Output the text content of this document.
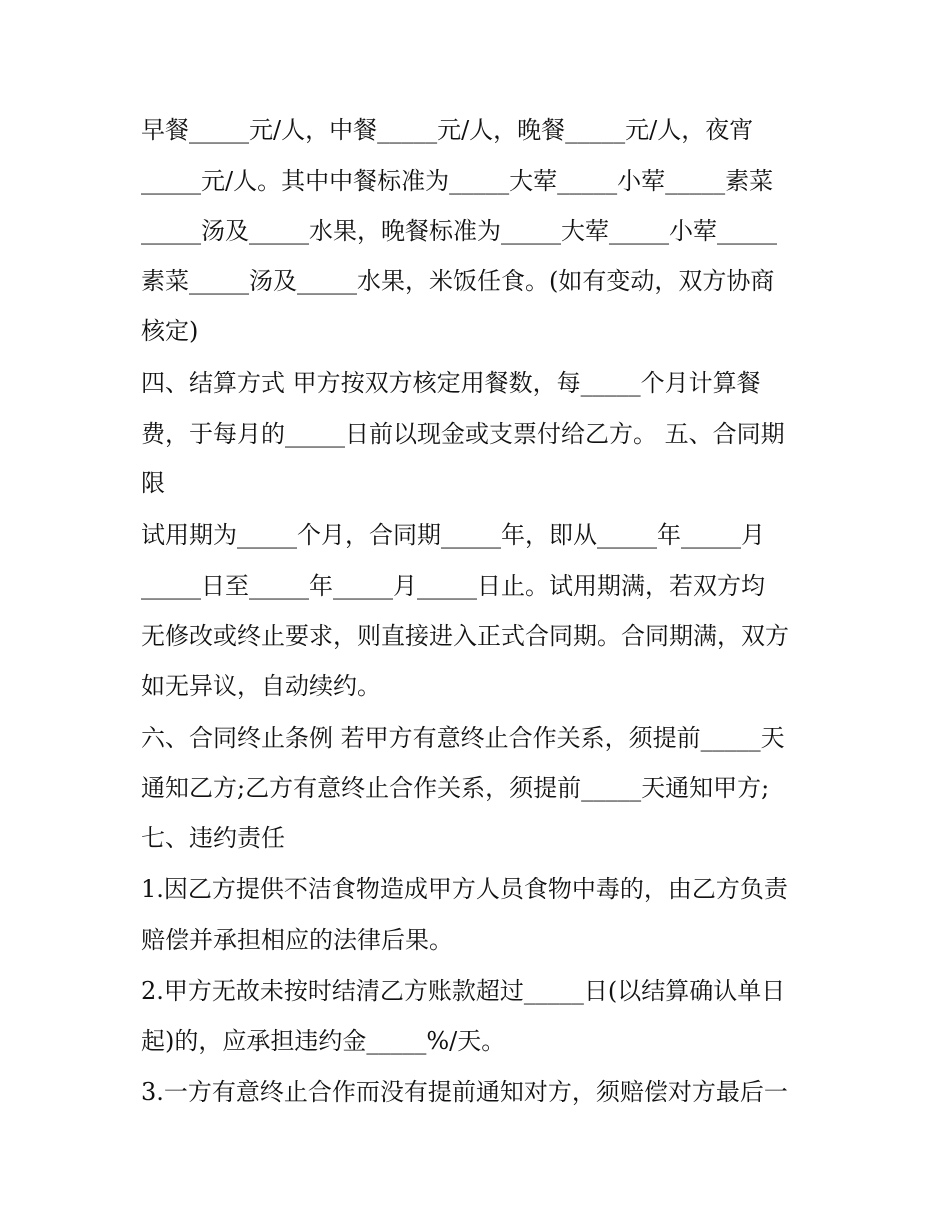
早餐_____元/人，中餐_____元/人，晚餐_____元/人，夜宵
_____元/人。其中中餐标准为_____大荤_____小荤_____素菜
_____汤及_____水果，晚餐标准为_____大荤_____小荤_____
素菜_____汤及_____水果，米饭任食。(如有变动，双方协商
核定)
四、结算方式 甲方按双方核定用餐数，每_____个月计算餐
费，于每月的_____日前以现金或支票付给乙方。 五、合同期
限
试用期为_____个月，合同期_____年，即从_____年_____月
_____日至_____年_____月_____日止。试用期满，若双方均
无修改或终止要求，则直接进入正式合同期。合同期满，双方
如无异议，自动续约。
六、合同终止条例 若甲方有意终止合作关系，须提前_____天
通知乙方;乙方有意终止合作关系，须提前_____天通知甲方;
七、违约责任
1.因乙方提供不洁食物造成甲方人员食物中毒的，由乙方负责
赔偿并承担相应的法律后果。
2.甲方无故未按时结清乙方账款超过_____日(以结算确认单日
起)的，应承担违约金_____%/天。
3.一方有意终止合作而没有提前通知对方，须赔偿对方最后一
